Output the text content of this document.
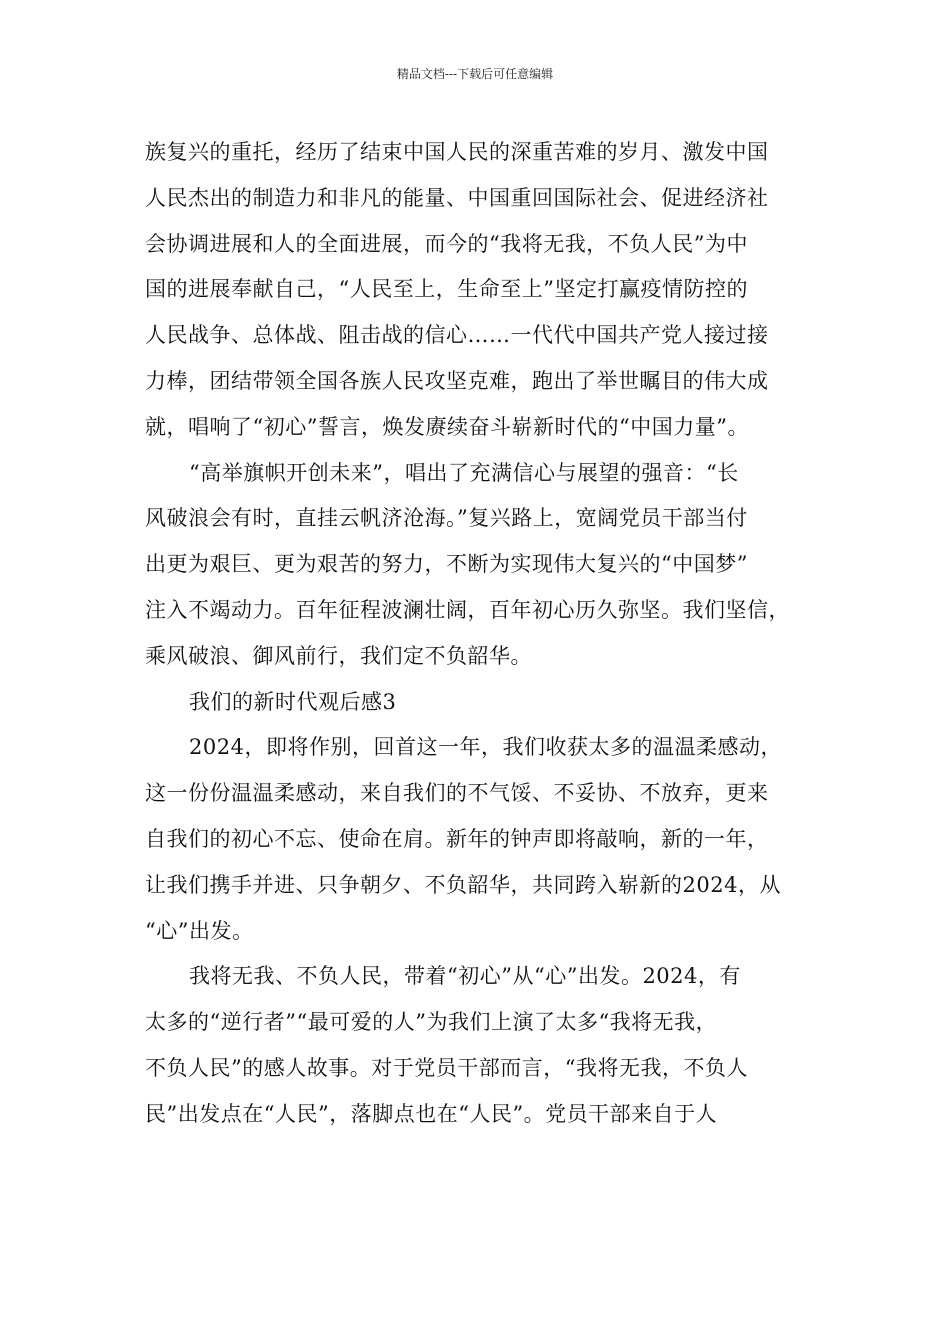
精品文档---下载后可任意编辑
族复兴的重托，经历了结束中国人民的深重苦难的岁月、激发中国
人民杰出的制造力和非凡的能量、中国重回国际社会、促进经济社
会协调进展和人的全面进展，而今的“我将无我，不负人民”为中
国的进展奉献自己，“人民至上，生命至上”坚定打赢疫情防控的
人民战争、总体战、阻击战的信心……一代代中国共产党人接过接
力棒，团结带领全国各族人民攻坚克难，跑出了举世瞩目的伟大成
就，唱响了“初心”誓言，焕发赓续奋斗崭新时代的“中国力量”。
“高举旗帜开创未来”，唱出了充满信心与展望的强音：“长
风破浪会有时，直挂云帆济沧海。”复兴路上，宽阔党员干部当付
出更为艰巨、更为艰苦的努力，不断为实现伟大复兴的“中国梦”
注入不竭动力。百年征程波澜壮阔，百年初心历久弥坚。我们坚信，
乘风破浪、御风前行，我们定不负韶华。
我们的新时代观后感3
2024，即将作别，回首这一年，我们收获太多的温温柔感动，
这一份份温温柔感动，来自我们的不气馁、不妥协、不放弃，更来
自我们的初心不忘、使命在肩。新年的钟声即将敲响，新的一年，
让我们携手并进、只争朝夕、不负韶华，共同跨入崭新的2024，从
“心”出发。
我将无我、不负人民，带着“初心”从“心”出发。2024，有
太多的“逆行者”“最可爱的人”为我们上演了太多“我将无我，
不负人民”的感人故事。对于党员干部而言，“我将无我，不负人
民”出发点在“人民”，落脚点也在“人民”。党员干部来自于人
